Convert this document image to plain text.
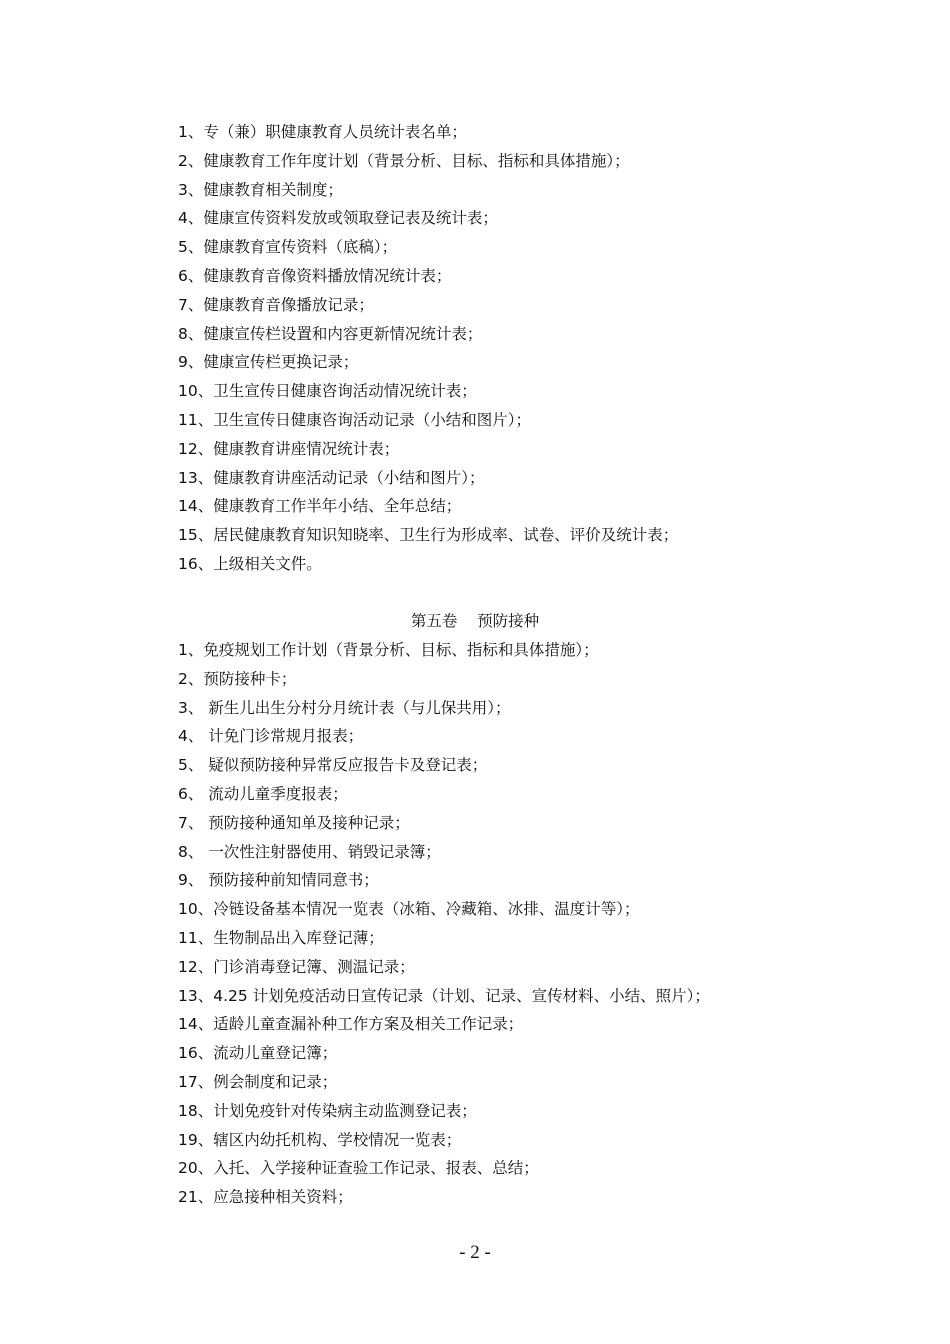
1、专（兼）职健康教育人员统计表名单；
2、健康教育工作年度计划（背景分析、目标、指标和具体措施）；
3、健康教育相关制度；
4、健康宣传资料发放或领取登记表及统计表；
5、健康教育宣传资料（底稿）；
6、健康教育音像资料播放情况统计表；
7、健康教育音像播放记录；
8、健康宣传栏设置和内容更新情况统计表；
9、健康宣传栏更换记录；
10、卫生宣传日健康咨询活动情况统计表；
11、卫生宣传日健康咨询活动记录（小结和图片）；
12、健康教育讲座情况统计表；
13、健康教育讲座活动记录（小结和图片）；
14、健康教育工作半年小结、全年总结；
15、居民健康教育知识知晓率、卫生行为形成率、试卷、评价及统计表；
16、上级相关文件。
第五卷    预防接种
1、免疫规划工作计划（背景分析、目标、指标和具体措施）；
2、预防接种卡；
3、 新生儿出生分村分月统计表（与儿保共用）；
4、 计免门诊常规月报表；
5、 疑似预防接种异常反应报告卡及登记表；
6、 流动儿童季度报表；
7、 预防接种通知单及接种记录；
8、 一次性注射器使用、销毁记录簿；
9、 预防接种前知情同意书；
10、冷链设备基本情况一览表（冰箱、冷藏箱、冰排、温度计等）；
11、生物制品出入库登记薄；
12、门诊消毒登记簿、测温记录；
13、4.25 计划免疫活动日宣传记录（计划、记录、宣传材料、小结、照片）；
14、适龄儿童查漏补种工作方案及相关工作记录；
16、流动儿童登记簿；
17、例会制度和记录；
18、计划免疫针对传染病主动监测登记表；
19、辖区内幼托机构、学校情况一览表；
20、入托、入学接种证查验工作记录、报表、总结；
21、应急接种相关资料；
- 2 -
